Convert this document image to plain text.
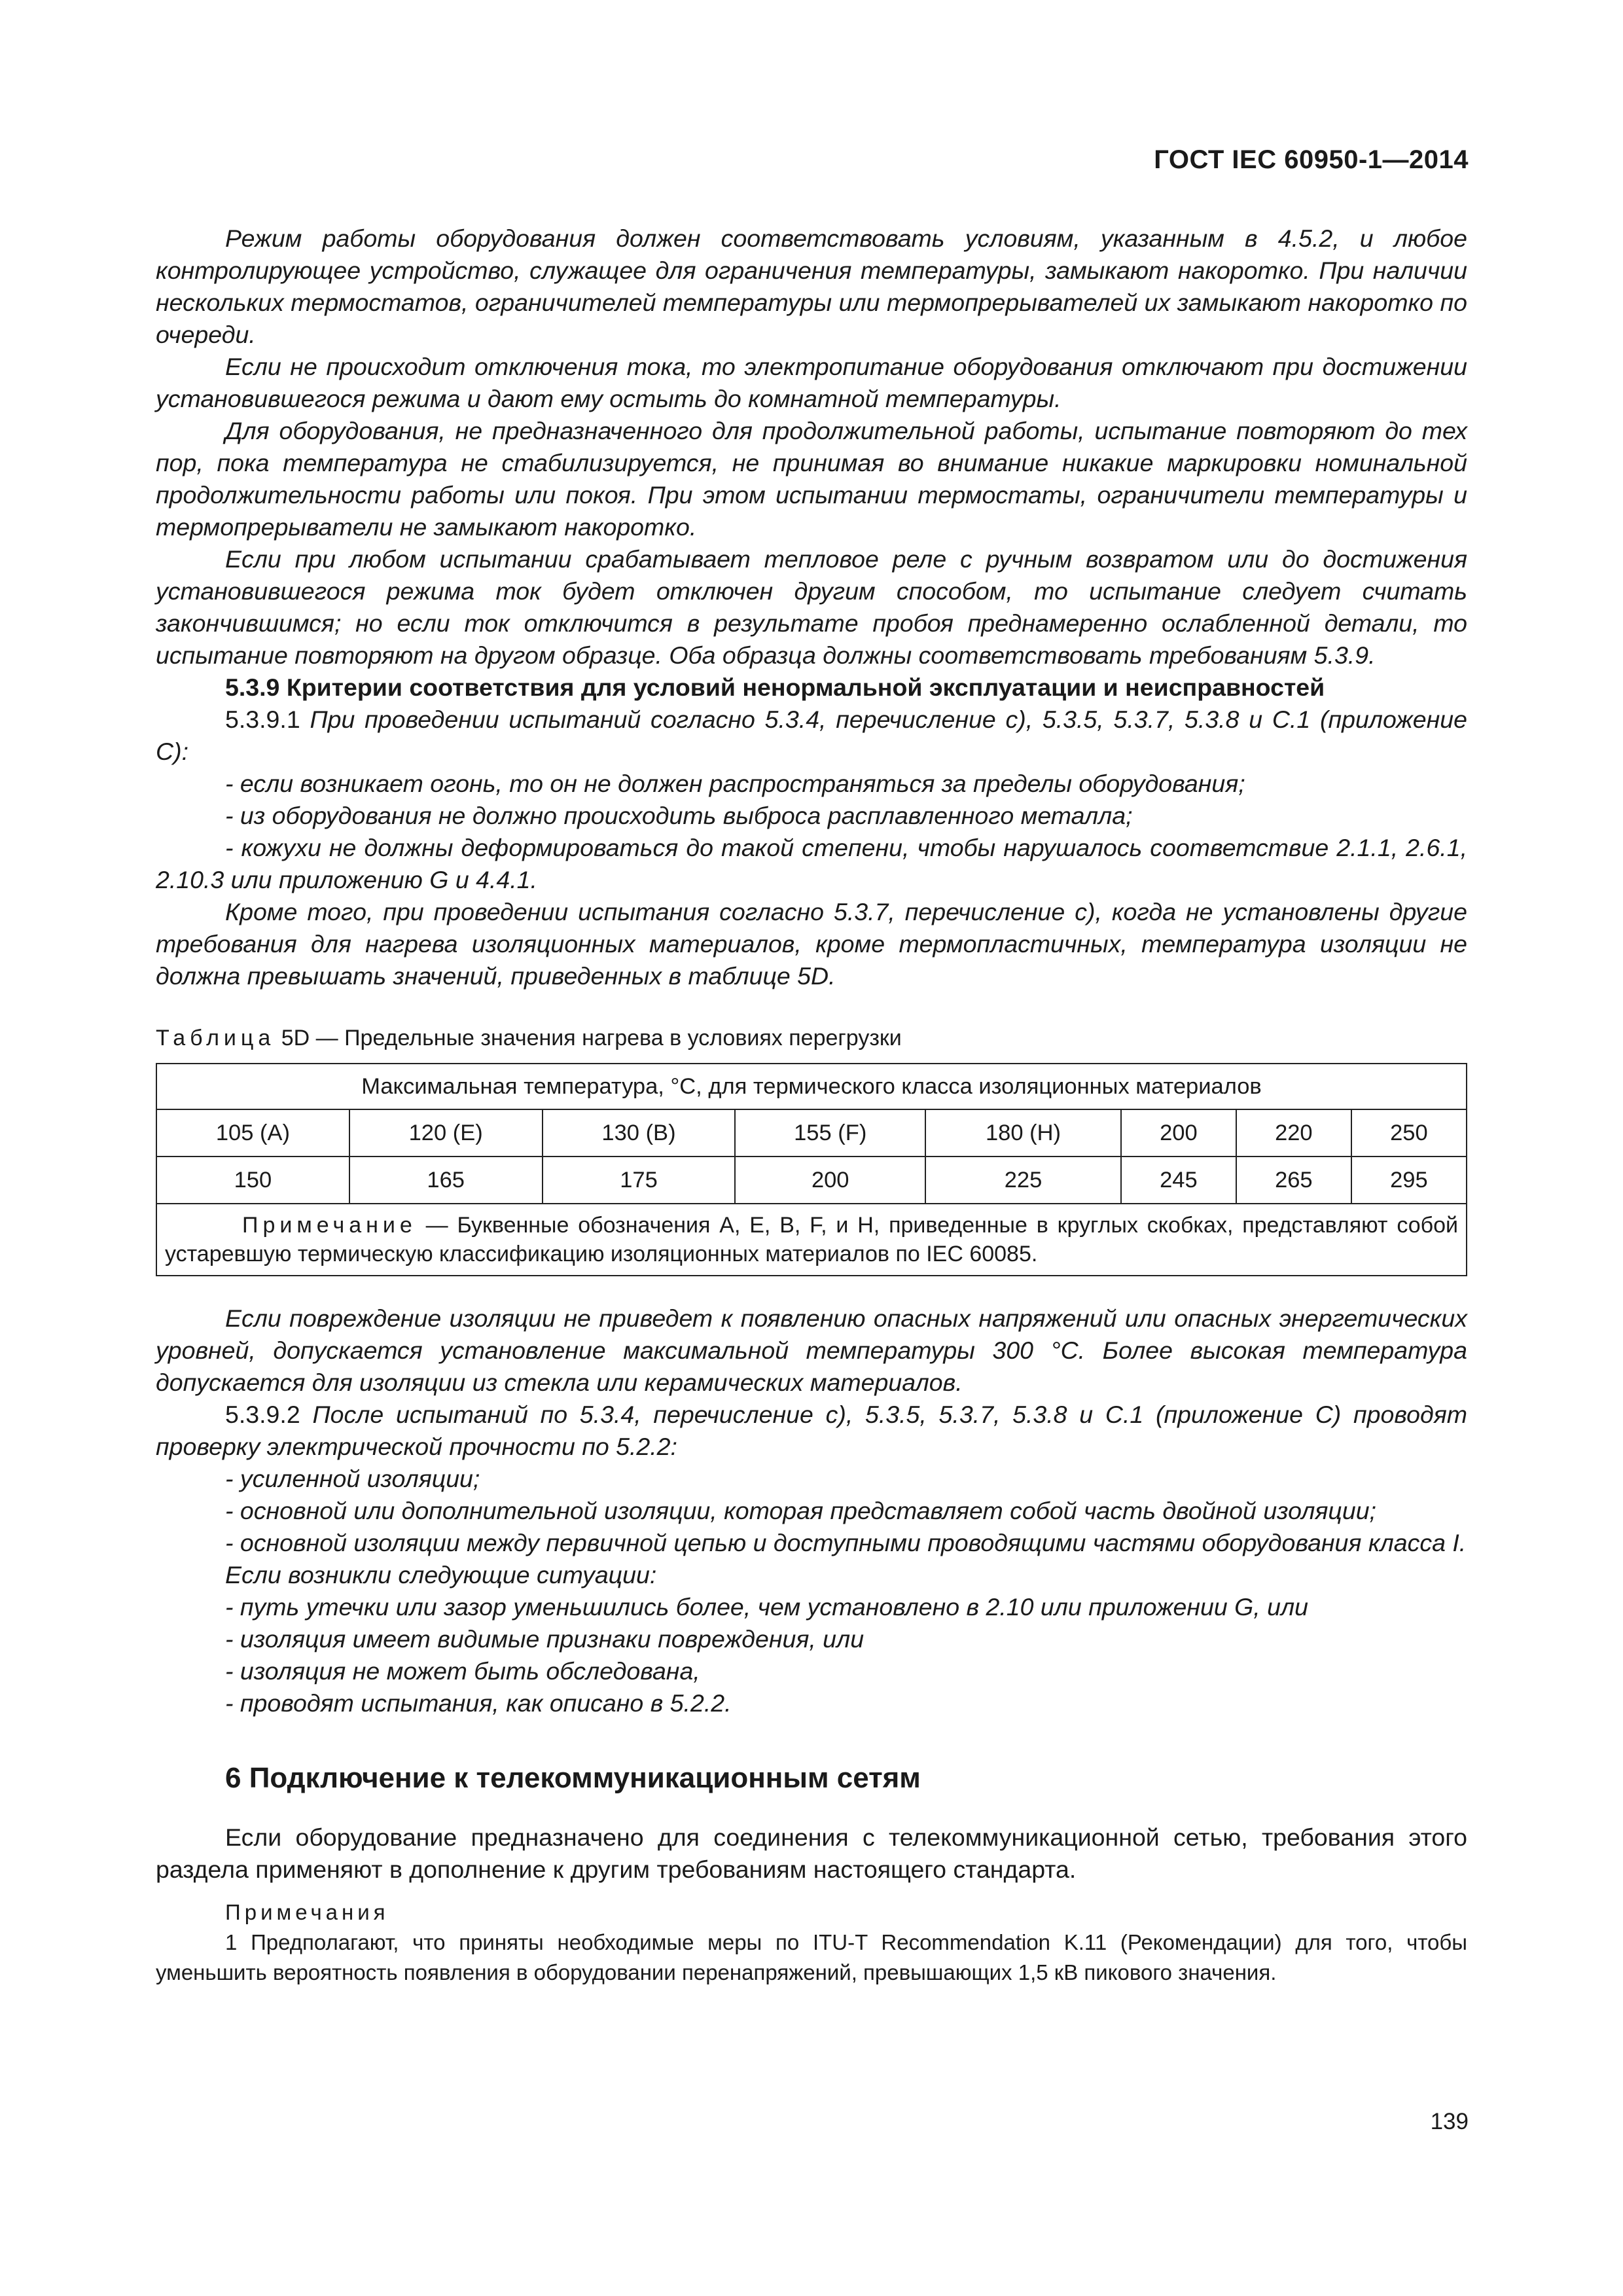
ГОСТ IEC 60950-1—2014

Режим работы оборудования должен соответствовать условиям, указанным в 4.5.2, и любое контролирующее устройство, служащее для ограничения температуры, замыкают накоротко. При наличии нескольких термостатов, ограничителей температуры или термопрерывателей их замыкают накоротко по очереди.

Если не происходит отключения тока, то электропитание оборудования отключают при достижении установившегося режима и дают ему остыть до комнатной температуры.

Для оборудования, не предназначенного для продолжительной работы, испытание повторяют до тех пор, пока температура не стабилизируется, не принимая во внимание никакие маркировки номинальной продолжительности работы или покоя. При этом испытании термостаты, ограничители температуры и термопрерыватели не замыкают накоротко.

Если при любом испытании срабатывает тепловое реле с ручным возвратом или до достижения установившегося режима ток будет отключен другим способом, то испытание следует считать закончившимся; но если ток отключится в результате пробоя преднамеренно ослабленной детали, то испытание повторяют на другом образце. Оба образца должны соответствовать требованиям 5.3.9.

5.3.9 Критерии соответствия для условий ненормальной эксплуатации и неисправностей

5.3.9.1 При проведении испытаний согласно 5.3.4, перечисление с), 5.3.5, 5.3.7, 5.3.8 и С.1 (приложение С):

- если возникает огонь, то он не должен распространяться за пределы оборудования;

- из оборудования не должно происходить выброса расплавленного металла;

- кожухи не должны деформироваться до такой степени, чтобы нарушалось соответствие 2.1.1, 2.6.1, 2.10.3 или приложению G и 4.4.1.

Кроме того, при проведении испытания согласно 5.3.7, перечисление с), когда не установлены другие требования для нагрева изоляционных материалов, кроме термопластичных, температура изоляции не должна превышать значений, приведенных в таблице 5D.

Таблица 5D — Предельные значения нагрева в условиях перегрузки
Максимальная температура, °С, для термического класса изоляционных материалов							
105 (А)	120 (Е)	130 (В)	155 (F)	180 (Н)	200	220	250
150	165	175	200	225	245	265	295
Примечание — Буквенные обозначения А, Е, В, F, и Н, приведенные в круглых скобках, представляют собой устаревшую термическую классификацию изоляционных материалов по IEC 60085.							

Если повреждение изоляции не приведет к появлению опасных напряжений или опасных энергетических уровней, допускается установление максимальной температуры 300 °С. Более высокая температура допускается для изоляции из стекла или керамических материалов.

5.3.9.2 После испытаний по 5.3.4, перечисление с), 5.3.5, 5.3.7, 5.3.8 и С.1 (приложение С) проводят проверку электрической прочности по 5.2.2:

- усиленной изоляции;

- основной или дополнительной изоляции, которая представляет собой часть двойной изоляции;

- основной изоляции между первичной цепью и доступными проводящими частями оборудования класса I.

Если возникли следующие ситуации:

- путь утечки или зазор уменьшились более, чем установлено в 2.10 или приложении G, или

- изоляция имеет видимые признаки повреждения, или

- изоляция не может быть обследована,

- проводят испытания, как описано в 5.2.2.

6 Подключение к телекоммуникационным сетям

Если оборудование предназначено для соединения с телекоммуникационной сетью, требования этого раздела применяют в дополнение к другим требованиям настоящего стандарта.

Примечания

1 Предполагают, что приняты необходимые меры по ITU-T Recommendation K.11 (Рекомендации) для того, чтобы уменьшить вероятность появления в оборудовании перенапряжений, превышающих 1,5 кВ пикового значения.

139
